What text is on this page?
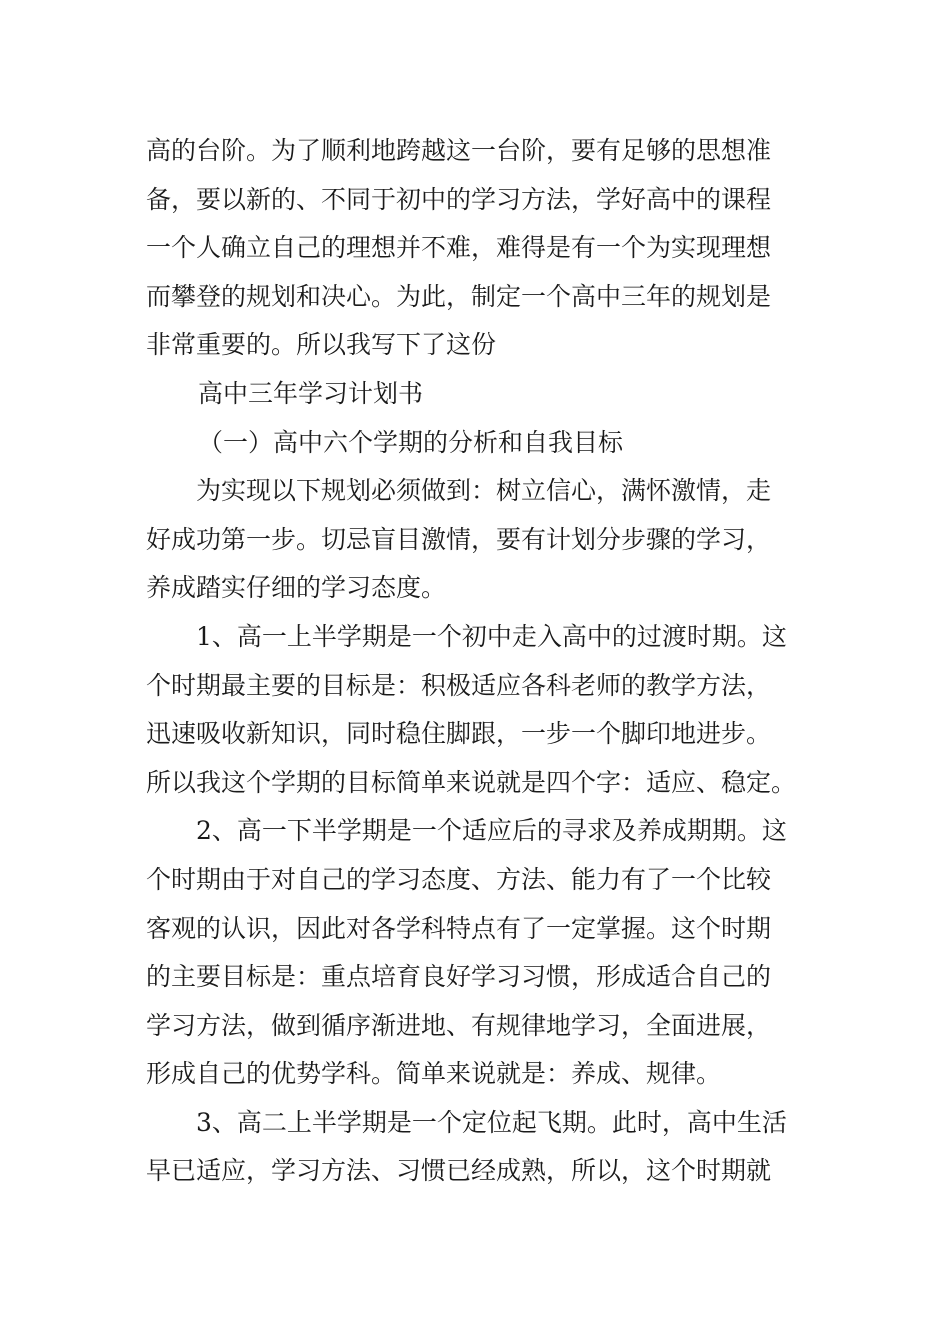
高的台阶。为了顺利地跨越这一台阶，要有足够的思想准
备，要以新的、不同于初中的学习方法，学好高中的课程
一个人确立自己的理想并不难，难得是有一个为实现理想
而攀登的规划和决心。为此，制定一个高中三年的规划是
非常重要的。所以我写下了这份
高中三年学习计划书
（一）高中六个学期的分析和自我目标
为实现以下规划必须做到：树立信心，满怀激情，走
好成功第一步。切忌盲目激情，要有计划分步骤的学习，
养成踏实仔细的学习态度。
1、高一上半学期是一个初中走入高中的过渡时期。这
个时期最主要的目标是：积极适应各科老师的教学方法，
迅速吸收新知识，同时稳住脚跟，一步一个脚印地进步。
所以我这个学期的目标简单来说就是四个字：适应、稳定。
2、高一下半学期是一个适应后的寻求及养成期期。这
个时期由于对自己的学习态度、方法、能力有了一个比较
客观的认识，因此对各学科特点有了一定掌握。这个时期
的主要目标是：重点培育良好学习习惯，形成适合自己的
学习方法，做到循序渐进地、有规律地学习，全面进展，
形成自己的优势学科。简单来说就是：养成、规律。
3、高二上半学期是一个定位起飞期。此时，高中生活
早已适应，学习方法、习惯已经成熟，所以，这个时期就
